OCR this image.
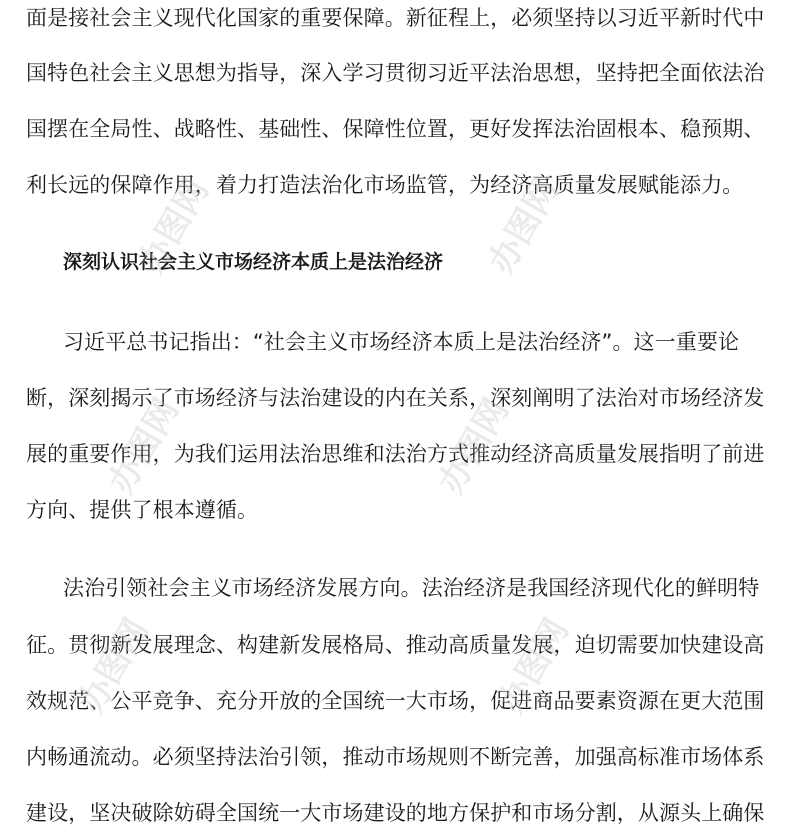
面是接社会主义现代化国家的重要保障。新征程上，必须坚持以习近平新时代中

国特色社会主义思想为指导，深入学习贯彻习近平法治思想，坚持把全面依法治

国摆在全局性、战略性、基础性、保障性位置，更好发挥法治固根本、稳预期、

利长远的保障作用，着力打造法治化市场监管，为经济高质量发展赋能添力。

深刻认识社会主义市场经济本质上是法治经济

习近平总书记指出：“社会主义市场经济本质上是法治经济”。这一重要论

断，深刻揭示了市场经济与法治建设的内在关系，深刻阐明了法治对市场经济发

展的重要作用，为我们运用法治思维和法治方式推动经济高质量发展指明了前进

方向、提供了根本遵循。

法治引领社会主义市场经济发展方向。法治经济是我国经济现代化的鲜明特

征。贯彻新发展理念、构建新发展格局、推动高质量发展，迫切需要加快建设高

效规范、公平竞争、充分开放的全国统一大市场，促进商品要素资源在更大范围

内畅通流动。必须坚持法治引领，推动市场规则不断完善，加强高标准市场体系

建设，坚决破除妨碍全国统一大市场建设的地方保护和市场分割，从源头上确保

办图网	办图网
办图网	办图网
办图网	办图网
